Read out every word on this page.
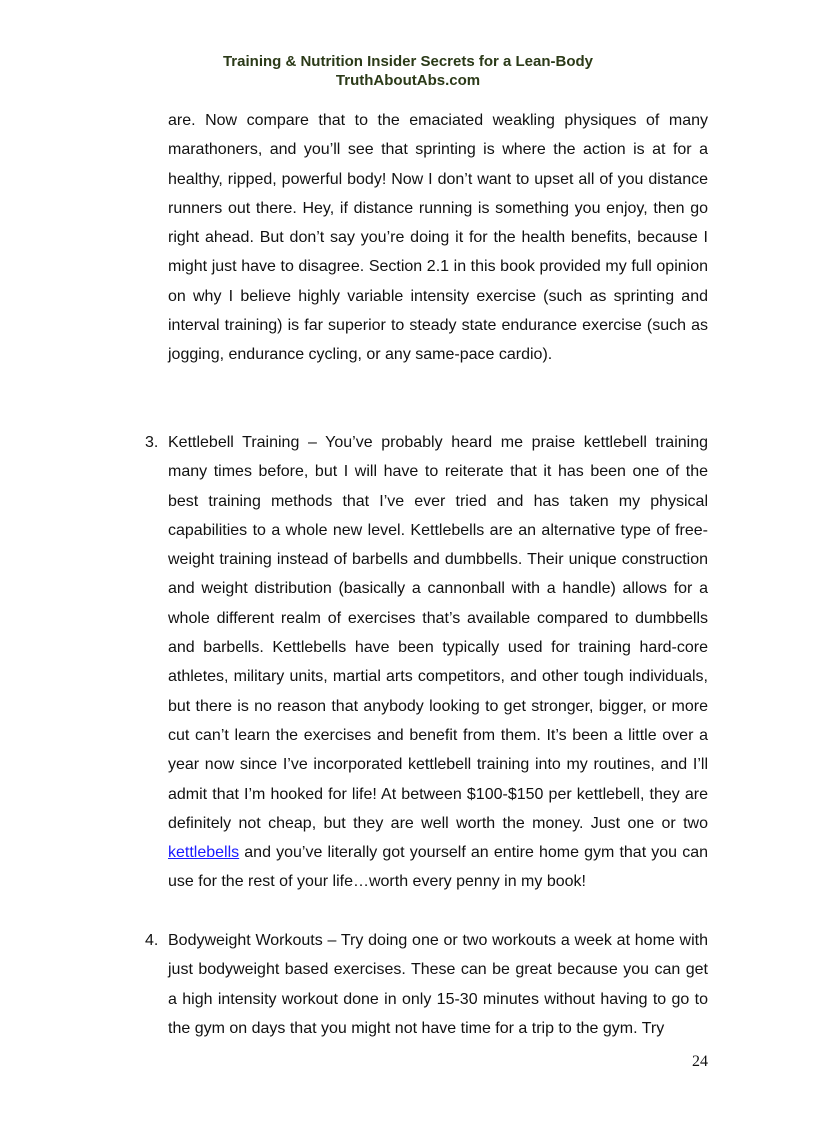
Training & Nutrition Insider Secrets for a Lean-Body
TruthAboutAbs.com
are. Now compare that to the emaciated weakling physiques of many marathoners, and you’ll see that sprinting is where the action is at for a healthy, ripped, powerful body! Now I don’t want to upset all of you distance runners out there. Hey, if distance running is something you enjoy, then go right ahead. But don’t say you’re doing it for the health benefits, because I might just have to disagree. Section 2.1 in this book provided my full opinion on why I believe highly variable intensity exercise (such as sprinting and interval training) is far superior to steady state endurance exercise (such as jogging, endurance cycling, or any same-pace cardio).
3. Kettlebell Training – You’ve probably heard me praise kettlebell training many times before, but I will have to reiterate that it has been one of the best training methods that I’ve ever tried and has taken my physical capabilities to a whole new level. Kettlebells are an alternative type of free-weight training instead of barbells and dumbbells. Their unique construction and weight distribution (basically a cannonball with a handle) allows for a whole different realm of exercises that’s available compared to dumbbells and barbells. Kettlebells have been typically used for training hard-core athletes, military units, martial arts competitors, and other tough individuals, but there is no reason that anybody looking to get stronger, bigger, or more cut can’t learn the exercises and benefit from them. It’s been a little over a year now since I’ve incorporated kettlebell training into my routines, and I’ll admit that I’m hooked for life! At between $100-$150 per kettlebell, they are definitely not cheap, but they are well worth the money. Just one or two kettlebells and you’ve literally got yourself an entire home gym that you can use for the rest of your life…worth every penny in my book!
4. Bodyweight Workouts – Try doing one or two workouts a week at home with just bodyweight based exercises. These can be great because you can get a high intensity workout done in only 15-30 minutes without having to go to the gym on days that you might not have time for a trip to the gym. Try
24
